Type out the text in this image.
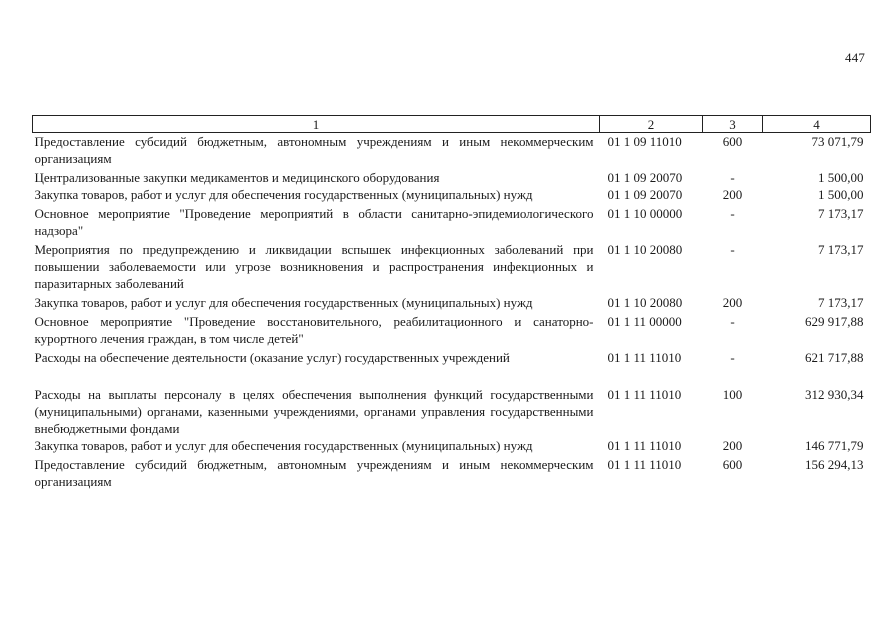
447
1	2	3	4
Предоставление субсидий бюджетным, автономным учреждениям и иным некоммерческим организациям	01 1 09 11010	600	73 071,79
Централизованные закупки медикаментов и медицинского оборудования	01 1 09 20070	-	1 500,00
Закупка товаров, работ и услуг для обеспечения государственных (муниципальных) нужд	01 1 09 20070	200	1 500,00
Основное мероприятие "Проведение мероприятий в области санитарно-эпидемиологического надзора"	01 1 10 00000	-	7 173,17
Мероприятия по предупреждению и ликвидации вспышек инфекционных заболеваний при повышении заболеваемости или угрозе возникновения и распространения инфекционных и паразитарных заболеваний	01 1 10 20080	-	7 173,17
Закупка товаров, работ и услуг для обеспечения государственных (муниципальных) нужд	01 1 10 20080	200	7 173,17
Основное мероприятие "Проведение восстановительного, реабилитационного и санаторно-курортного лечения граждан, в том числе детей"	01 1 11 00000	-	629 917,88
Расходы на обеспечение деятельности (оказание услуг) государственных учреждений	01 1 11 11010	-	621 717,88
Расходы на выплаты персоналу в целях обеспечения выполнения функций государственными (муниципальными) органами, казенными учреждениями, органами управления государственными внебюджетными фондами	01 1 11 11010	100	312 930,34
Закупка товаров, работ и услуг для обеспечения государственных (муниципальных) нужд	01 1 11 11010	200	146 771,79
Предоставление субсидий бюджетным, автономным учреждениям и иным некоммерческим организациям	01 1 11 11010	600	156 294,13
